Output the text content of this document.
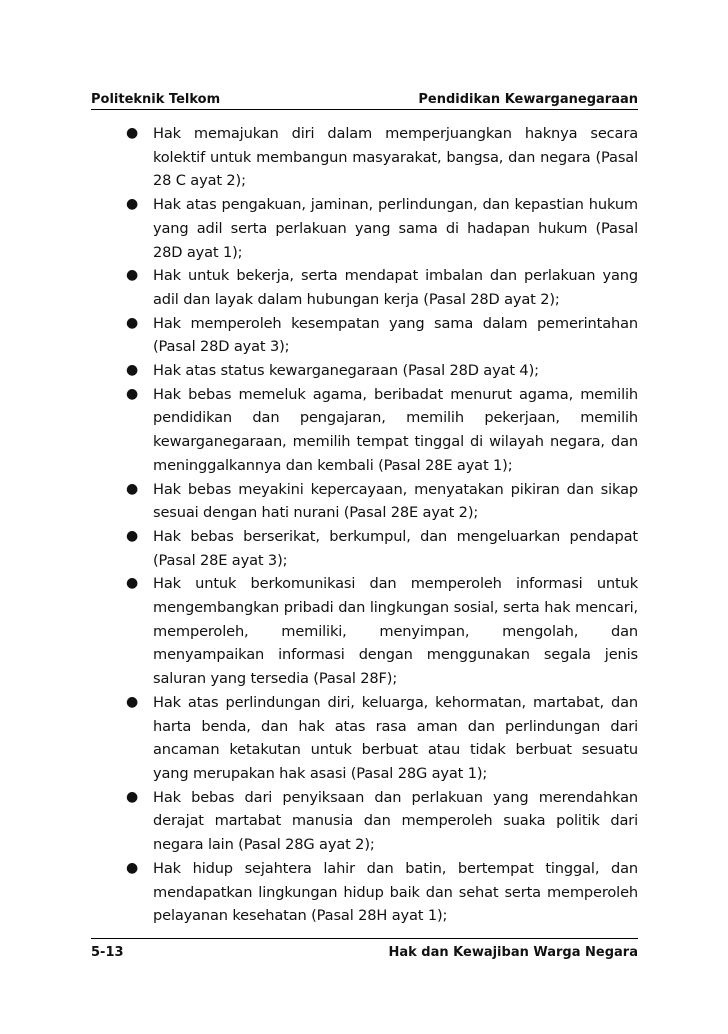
Politeknik Telkom	Pendidikan Kewarganegaraan
● Hak memajukan diri dalam memperjuangkan haknya secara kolektif untuk membangun masyarakat, bangsa, dan negara (Pasal 28 C ayat 2);
● Hak atas pengakuan, jaminan, perlindungan, dan kepastian hukum yang adil serta perlakuan yang sama di hadapan hukum (Pasal 28D ayat 1);
● Hak untuk bekerja, serta mendapat imbalan dan perlakuan yang adil dan layak dalam hubungan kerja (Pasal 28D ayat 2);
● Hak memperoleh kesempatan yang sama dalam pemerintahan (Pasal 28D ayat 3);
● Hak atas status kewarganegaraan (Pasal 28D ayat 4);
● Hak bebas memeluk agama, beribadat menurut agama, memilih pendidikan dan pengajaran, memilih pekerjaan, memilih kewarganegaraan, memilih tempat tinggal di wilayah negara, dan meninggalkannya dan kembali (Pasal 28E ayat 1);
● Hak bebas meyakini kepercayaan, menyatakan pikiran dan sikap sesuai dengan hati nurani (Pasal 28E ayat 2);
● Hak bebas berserikat, berkumpul, dan mengeluarkan pendapat (Pasal 28E ayat 3);
● Hak untuk berkomunikasi dan memperoleh informasi untuk mengembangkan pribadi dan lingkungan sosial, serta hak mencari, memperoleh, memiliki, menyimpan, mengolah, dan menyampaikan informasi dengan menggunakan segala jenis saluran yang tersedia (Pasal 28F);
● Hak atas perlindungan diri, keluarga, kehormatan, martabat, dan harta benda, dan hak atas rasa aman dan perlindungan dari ancaman ketakutan untuk berbuat atau tidak berbuat sesuatu yang merupakan hak asasi (Pasal 28G ayat 1);
● Hak bebas dari penyiksaan dan perlakuan yang merendahkan derajat martabat manusia dan memperoleh suaka politik dari negara lain (Pasal 28G ayat 2);
● Hak hidup sejahtera lahir dan batin, bertempat tinggal, dan mendapatkan lingkungan hidup baik dan sehat serta memperoleh pelayanan kesehatan (Pasal 28H ayat 1);
5-13	Hak dan Kewajiban Warga Negara
